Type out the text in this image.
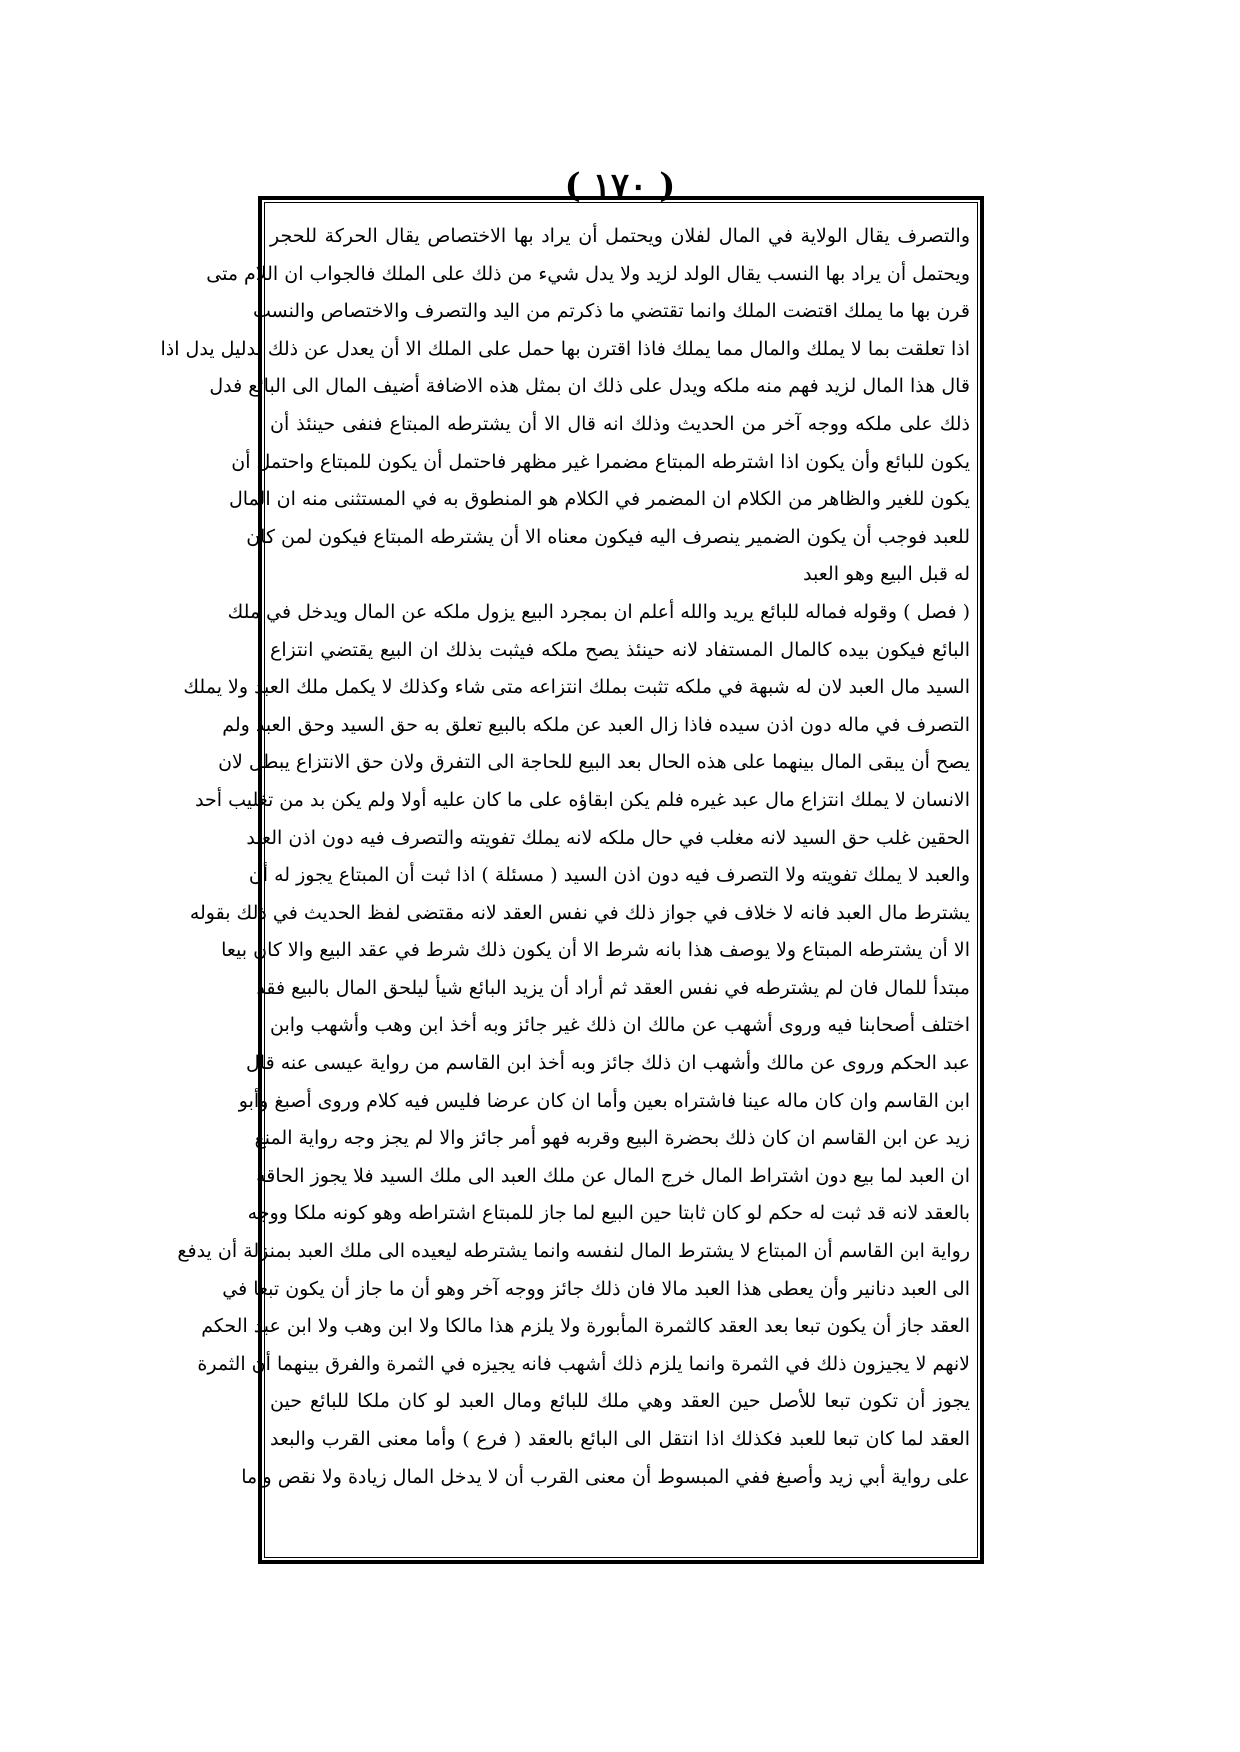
( ١٧٠ )
والتصرف يقال الولاية في المال لفلان ويحتمل أن يراد بها الاختصاص يقال الحركة للحجر
ويحتمل أن يراد بها النسب يقال الولد لزيد ولا يدل شيء من ذلك على الملك فالجواب ان اللام متى
قرن بها ما يملك اقتضت الملك وانما تقتضي ما ذكرتم من اليد والتصرف والاختصاص والنسب
اذا تعلقت بما لا يملك والمال مما يملك فاذا اقترن بها حمل على الملك الا أن يعدل عن ذلك بدليل يدل اذا
قال هذا المال لزيد فهم منه ملكه ويدل على ذلك ان بمثل هذه الاضافة أضيف المال الى البائع فدل
ذلك على ملكه ووجه آخر من الحديث وذلك انه قال الا أن يشترطه المبتاع فنفى حينئذ أن
يكون للبائع وأن يكون اذا اشترطه المبتاع مضمرا غير مظهر فاحتمل أن يكون للمبتاع واحتمل أن
يكون للغير والظاهر من الكلام ان المضمر في الكلام هو المنطوق به في المستثنى منه ان المال
للعبد فوجب أن يكون الضمير ينصرف اليه فيكون معناه الا أن يشترطه المبتاع فيكون لمن كان
له قبل البيع وهو العبد
( فصل ) وقوله فماله للبائع يريد والله أعلم ان بمجرد البيع يزول ملكه عن المال ويدخل في ملك
البائع فيكون بيده كالمال المستفاد لانه حينئذ يصح ملكه فيثبت بذلك ان البيع يقتضي انتزاع
السيد مال العبد لان له شبهة في ملكه تثبت بملك انتزاعه متى شاء وكذلك لا يكمل ملك العبد ولا يملك
التصرف في ماله دون اذن سيده فاذا زال العبد عن ملكه بالبيع تعلق به حق السيد وحق العبد ولم
يصح أن يبقى المال بينهما على هذه الحال بعد البيع للحاجة الى التفرق ولان حق الانتزاع يبطل لان
الانسان لا يملك انتزاع مال عبد غيره فلم يكن ابقاؤه على ما كان عليه أولا ولم يكن بد من تغليب أحد
الحقين غلب حق السيد لانه مغلب في حال ملكه لانه يملك تفويته والتصرف فيه دون اذن العبد
والعبد لا يملك تفويته ولا التصرف فيه دون اذن السيد ( مسئلة ) اذا ثبت أن المبتاع يجوز له أن
يشترط مال العبد فانه لا خلاف في جواز ذلك في نفس العقد لانه مقتضى لفظ الحديث في ذلك بقوله
الا أن يشترطه المبتاع ولا يوصف هذا بانه شرط الا أن يكون ذلك شرط في عقد البيع والا كان بيعا
مبتدأ للمال فان لم يشترطه في نفس العقد ثم أراد أن يزيد البائع شيأ ليلحق المال بالبيع فقد
اختلف أصحابنا فيه وروى أشهب عن مالك ان ذلك غير جائز وبه أخذ ابن وهب وأشهب وابن
عبد الحكم وروى عن مالك وأشهب ان ذلك جائز وبه أخذ ابن القاسم من رواية عيسى عنه قال
ابن القاسم وان كان ماله عينا فاشتراه بعين وأما ان كان عرضا فليس فيه كلام وروى أصبغ وأبو
زيد عن ابن القاسم ان كان ذلك بحضرة البيع وقربه فهو أمر جائز والا لم يجز وجه رواية المنع
ان العبد لما بيع دون اشتراط المال خرج المال عن ملك العبد الى ملك السيد فلا يجوز الحاقه
بالعقد لانه قد ثبت له حكم لو كان ثابتا حين البيع لما جاز للمبتاع اشتراطه وهو كونه ملكا ووجه
رواية ابن القاسم أن المبتاع لا يشترط المال لنفسه وانما يشترطه ليعيده الى ملك العبد بمنزلة أن يدفع
الى العبد دنانير وأن يعطى هذا العبد مالا فان ذلك جائز ووجه آخر وهو أن ما جاز أن يكون تبعا في
العقد جاز أن يكون تبعا بعد العقد كالثمرة المأبورة ولا يلزم هذا مالكا ولا ابن وهب ولا ابن عبد الحكم
لانهم لا يجيزون ذلك في الثمرة وانما يلزم ذلك أشهب فانه يجيزه في الثمرة والفرق بينهما أن الثمرة
يجوز أن تكون تبعا للأصل حين العقد وهي ملك للبائع ومال العبد لو كان ملكا للبائع حين
العقد لما كان تبعا للعبد فكذلك اذا انتقل الى البائع بالعقد ( فرع ) وأما معنى القرب والبعد
على رواية أبي زيد وأصبغ ففي المبسوط أن معنى القرب أن لا يدخل المال زيادة ولا نقص وأما
